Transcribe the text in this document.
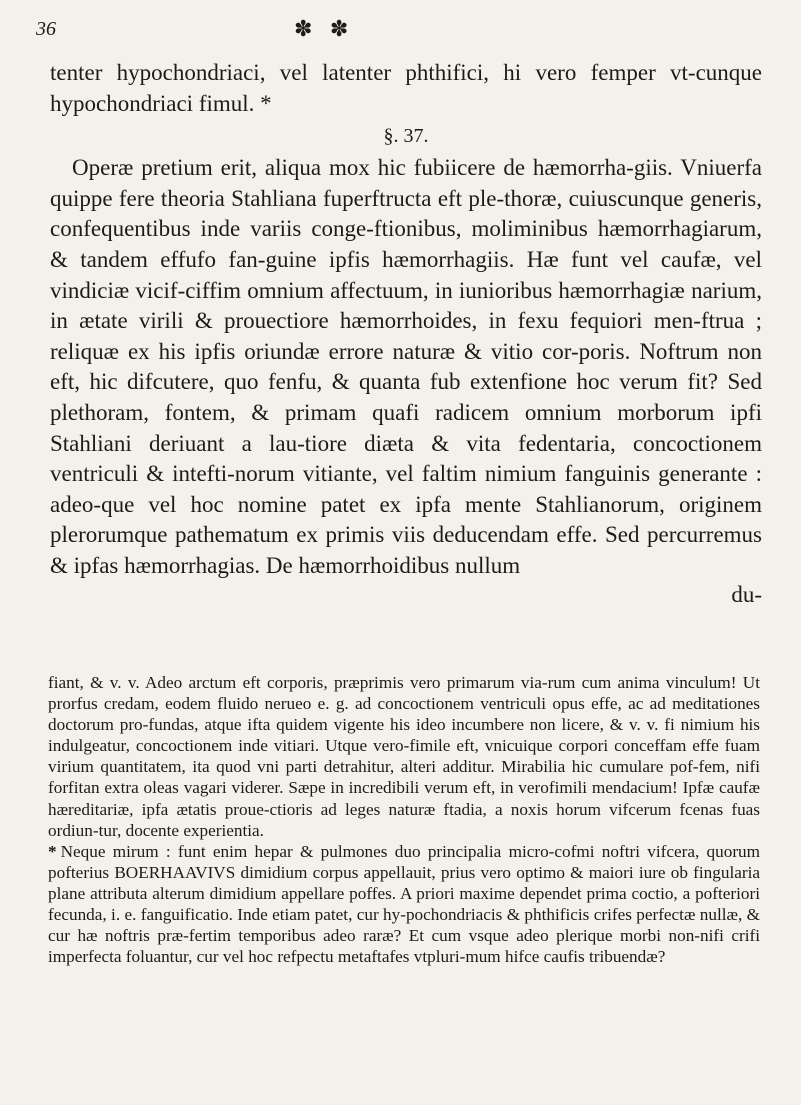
36	✽ ✽

tenter hypochondriaci, vel latenter phthifici, hi vero femper vt-cunque hypochondriaci fimul. *

§. 37.

Operæ pretium erit, aliqua mox hic fubiicere de hæmorrha-giis. Vniuerfa quippe fere theoria Stahliana fuperftructa eft ple-thoræ, cuiuscunque generis, confequentibus inde variis conge-ftionibus, moliminibus hæmorrhagiarum, & tandem effufo fan-guine ipfis hæmorrhagiis. Hæ funt vel caufæ, vel vindiciæ vicif-ciffim omnium affectuum, in iunioribus hæmorrhagiæ narium, in ætate virili & prouectiore hæmorrhoides, in fexu fequiori men-ftrua ; reliquæ ex his ipfis oriundæ errore naturæ & vitio cor-poris. Noftrum non eft, hic difcutere, quo fenfu, & quanta fub extenfione hoc verum fit? Sed plethoram, fontem, & primam quafi radicem omnium morborum ipfi Stahliani deriuant a lau-tiore diæta & vita fedentaria, concoctionem ventriculi & intefti-norum vitiante, vel faltim nimium fanguinis generante : adeo-que vel hoc nomine patet ex ipfa mente Stahlianorum, originem plerorumque pathematum ex primis viis deducendam effe. Sed percurremus & ipfas hæmorrhagias. De hæmorrhoidibus nullum

du-

fiant, & v. v. Adeo arctum eft corporis, præprimis vero primarum via-rum cum anima vinculum! Ut prorfus credam, eodem fluido nerueo e. g. ad concoctionem ventriculi opus effe, ac ad meditationes doctorum pro-fundas, atque ifta quidem vigente his ideo incumbere non licere, & v. v. fi nimium his indulgeatur, concoctionem inde vitiari. Utque vero-fimile eft, vnicuique corpori conceffam effe fuam virium quantitatem, ita quod vni parti detrahitur, alteri additur. Mirabilia hic cumulare pof-fem, nifi forfitan extra oleas vagari viderer. Sæpe in incredibili verum eft, in verofimili mendacium! Ipfæ caufæ hæreditariæ, ipfa ætatis proue-ctioris ad leges naturæ ftadia, a noxis horum vifcerum fcenas fuas ordiun-tur, docente experientia.

* Neque mirum : funt enim hepar & pulmones duo principalia micro-cofmi noftri vifcera, quorum pofterius BOERHAAVIVS dimidium corpus appellauit, prius vero optimo & maiori iure ob fingularia plane attributa alterum dimidium appellare poffes. A priori maxime dependet prima coctio, a pofteriori fecunda, i. e. fanguificatio. Inde etiam patet, cur hy-pochondriacis & phthificis crifes perfectæ nullæ, & cur hæ noftris præ-fertim temporibus adeo raræ? Et cum vsque adeo plerique morbi non-nifi crifi imperfecta foluantur, cur vel hoc refpectu metaftafes vtpluri-mum hifce caufis tribuendæ?
